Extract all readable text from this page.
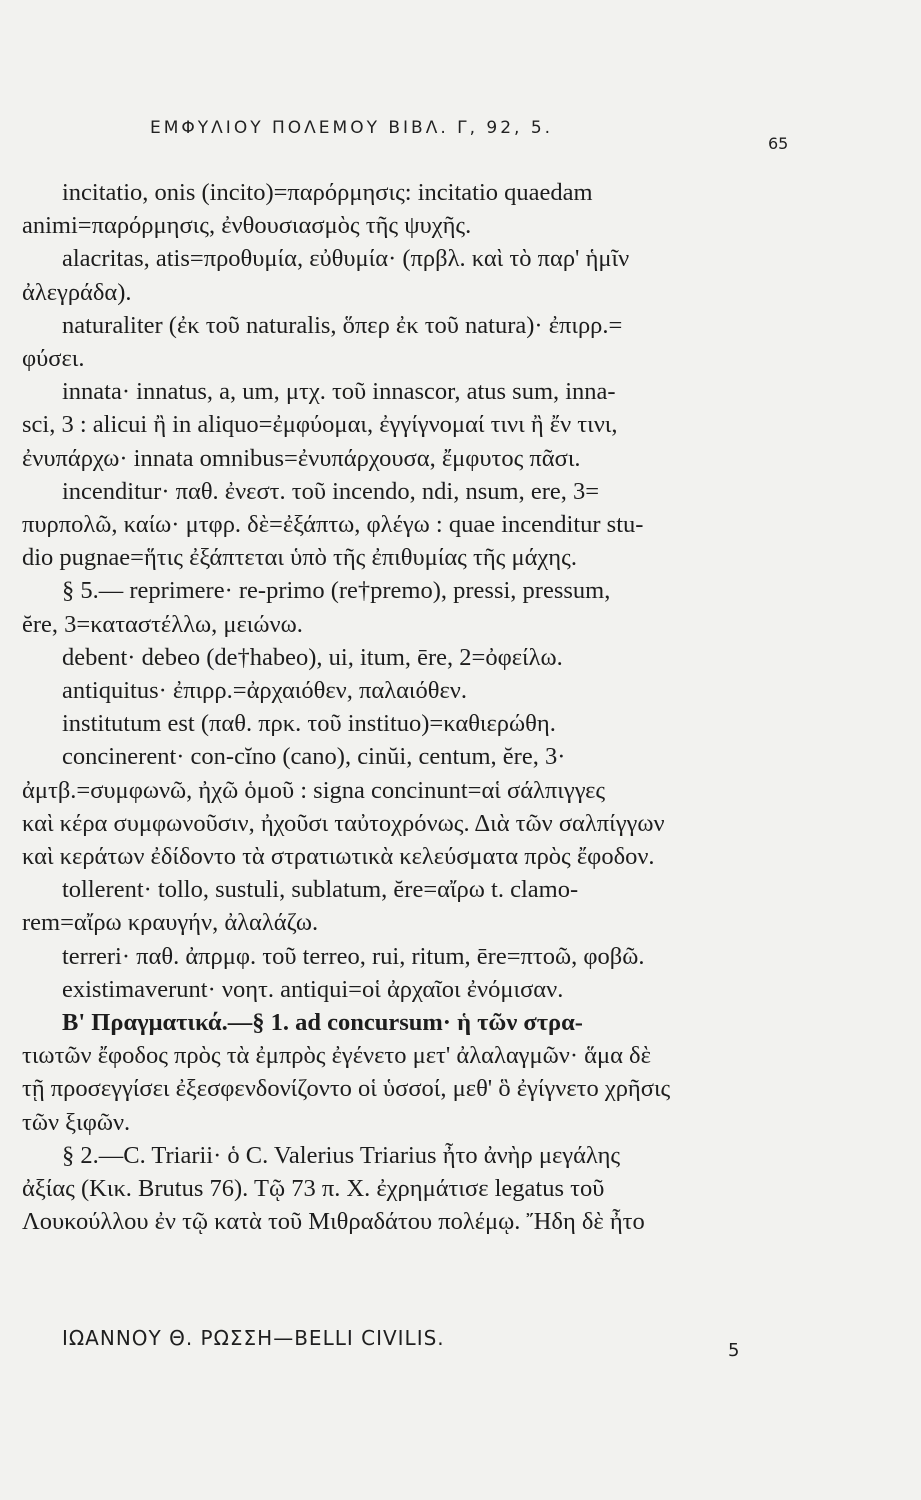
ΕΜΦΥΛΙΟΥ ΠΟΛΕΜΟΥ ΒΙΒΛ. Γ, 92, 5.
65
incitatio, onis (incito)=παρόρμησις: incitatio quaedam
animi=παρόρμησις, ἐνθουσιασμὸς τῆς ψυχῆς.
alacritas, atis=προθυμία, εὐθυμία· (πρβλ. καὶ τὸ παρ' ἡμῖν
ἀλεγράδα).
naturaliter (ἐκ τοῦ naturalis, ὅπερ ἐκ τοῦ natura)· ἐπιρρ.=
φύσει.
innata· innatus, a, um, μτχ. τοῦ innascor, atus sum, inna-
sci, 3 : alicui ἢ in aliquo=ἐμφύομαι, ἐγγίγνομαί τινι ἢ ἔν τινι,
ἐνυπάρχω· innata omnibus=ἐνυπάρχουσα, ἔμφυτος πᾶσι.
incenditur· παθ. ἐνεστ. τοῦ incendo, ndi, nsum, ere, 3=
πυρπολῶ, καίω· μτφρ. δὲ=ἐξάπτω, φλέγω : quae incenditur stu-
dio pugnae=ἥτις ἐξάπτεται ὑπὸ τῆς ἐπιθυμίας τῆς μάχης.
§ 5.— reprimere· re-primo (re†premo), pressi, pressum,
ĕre, 3=καταστέλλω, μειώνω.
debent· debeo (de†habeo), ui, itum, ēre, 2=ὀφείλω.
antiquitus· ἐπιρρ.=ἀρχαιόθεν, παλαιόθεν.
institutum est (παθ. πρκ. τοῦ instituo)=καθιερώθη.
concinerent· con-cĭno (cano), cinŭi, centum, ĕre, 3·
ἀμτβ.=συμφωνῶ, ἠχῶ ὁμοῦ : signa concinunt=αἱ σάλπιγγες
καὶ κέρα συμφωνοῦσιν, ἠχοῦσι ταὐτοχρόνως. Διὰ τῶν σαλπίγγων
καὶ κεράτων ἐδίδοντο τὰ στρατιωτικὰ κελεύσματα πρὸς ἔφοδον.
tollerent· tollo, sustuli, sublatum, ĕre=αἴρω t. clamo-
rem=αἴρω κραυγήν, ἀλαλάζω.
terreri· παθ. ἀπρμφ. τοῦ terreo, rui, ritum, ēre=πτοῶ, φοβῶ.
existimaverunt· νοητ. antiqui=οἱ ἀρχαῖοι ἐνόμισαν.
Β' Πραγματικά.—§ 1. ad concursum· ἡ τῶν στρα-
τιωτῶν ἔφοδος πρὸς τὰ ἐμπρὸς ἐγένετο μετ' ἀλαλαγμῶν· ἅμα δὲ
τῇ προσεγγίσει ἐξεσφενδονίζοντο οἱ ὑσσοί, μεθ' ὃ ἐγίγνετο χρῆσις
τῶν ξιφῶν.
§ 2.—C. Triarii· ὁ C. Valerius Triarius ἦτο ἀνὴρ μεγάλης
ἀξίας (Κικ. Brutus 76). Τῷ 73 π. Χ. ἐχρημάτισε legatus τοῦ
Λουκούλλου ἐν τῷ κατὰ τοῦ Μιθραδάτου πολέμῳ. Ἤδη δὲ ἦτο
ΙΩΑΝΝΟΥ Θ. ΡΩΣΣΗ—BELLI CIVILIS.
5
